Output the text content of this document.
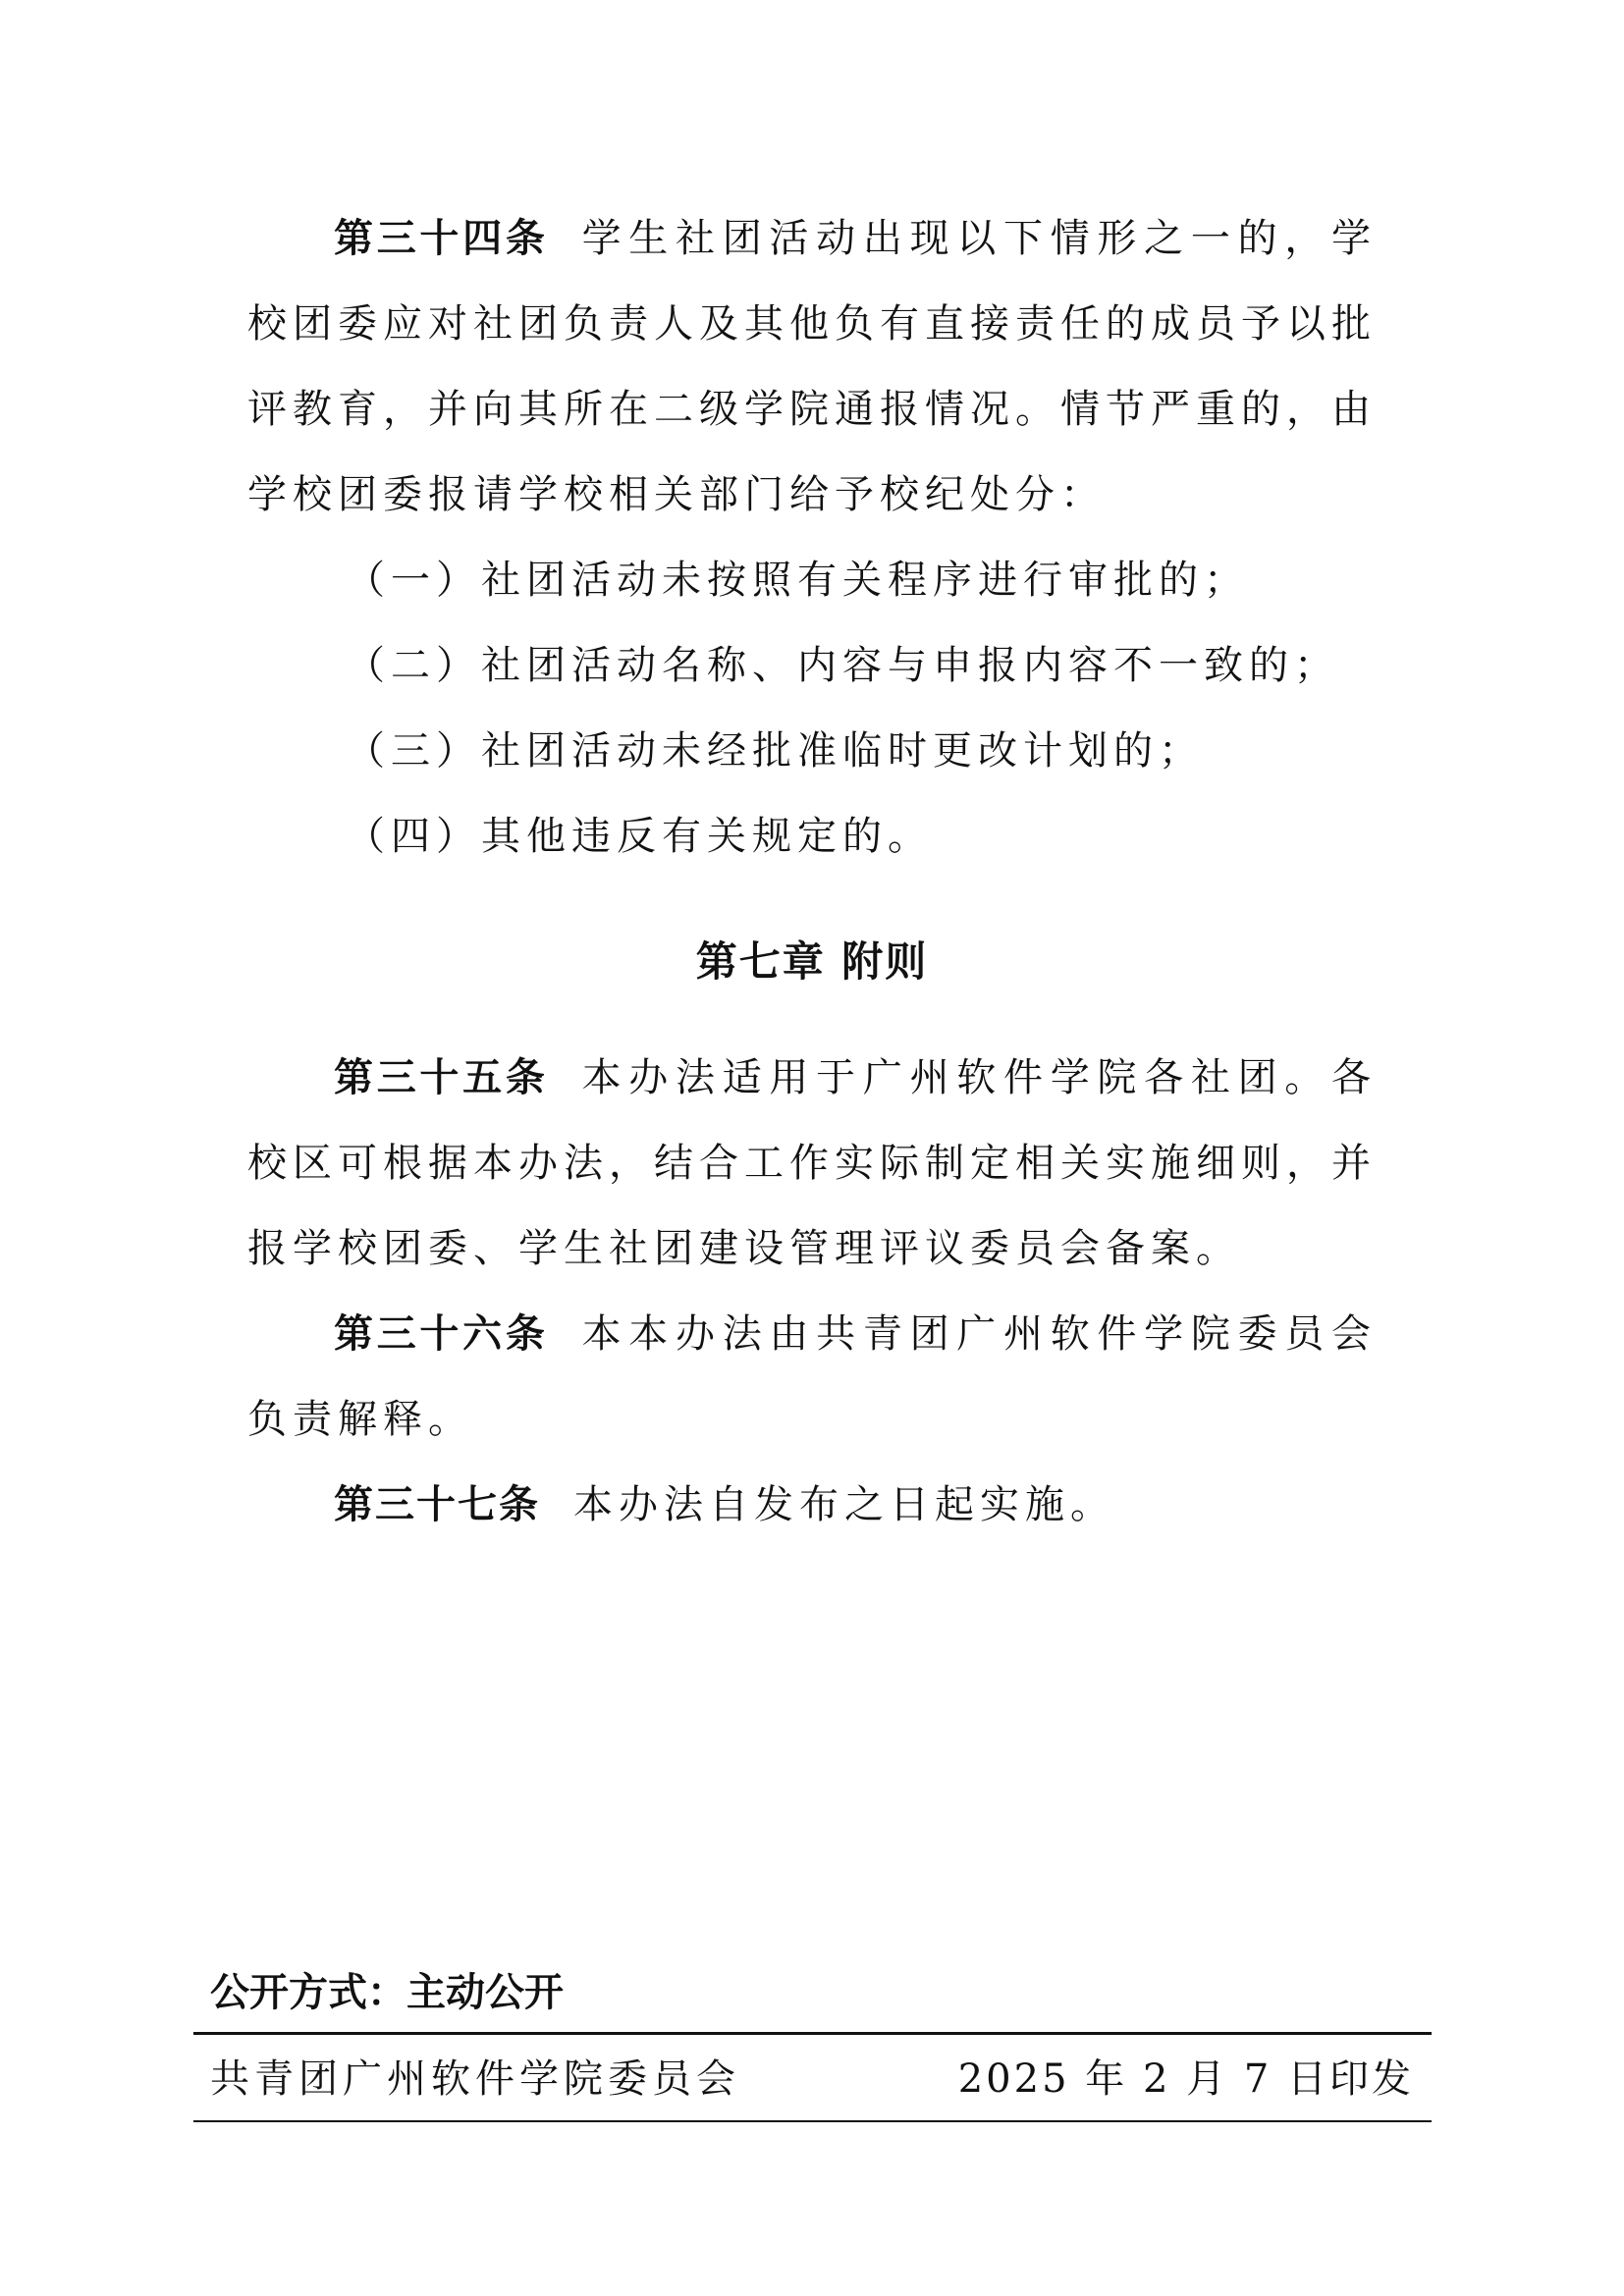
第三十四条 学生社团活动出现以下情形之一的，学校团委应对社团负责人及其他负有直接责任的成员予以批评教育，并向其所在二级学院通报情况。情节严重的，由学校团委报请学校相关部门给予校纪处分：
（一）社团活动未按照有关程序进行审批的；
（二）社团活动名称、内容与申报内容不一致的；
（三）社团活动未经批准临时更改计划的；
（四）其他违反有关规定的。
第七章 附则
第三十五条 本办法适用于广州软件学院各社团。各校区可根据本办法，结合工作实际制定相关实施细则，并报学校团委、学生社团建设管理评议委员会备案。
第三十六条 本本办法由共青团广州软件学院委员会负责解释。
第三十七条 本办法自发布之日起实施。
公开方式：主动公开
共青团广州软件学院委员会	2025 年 2 月 7 日印发
